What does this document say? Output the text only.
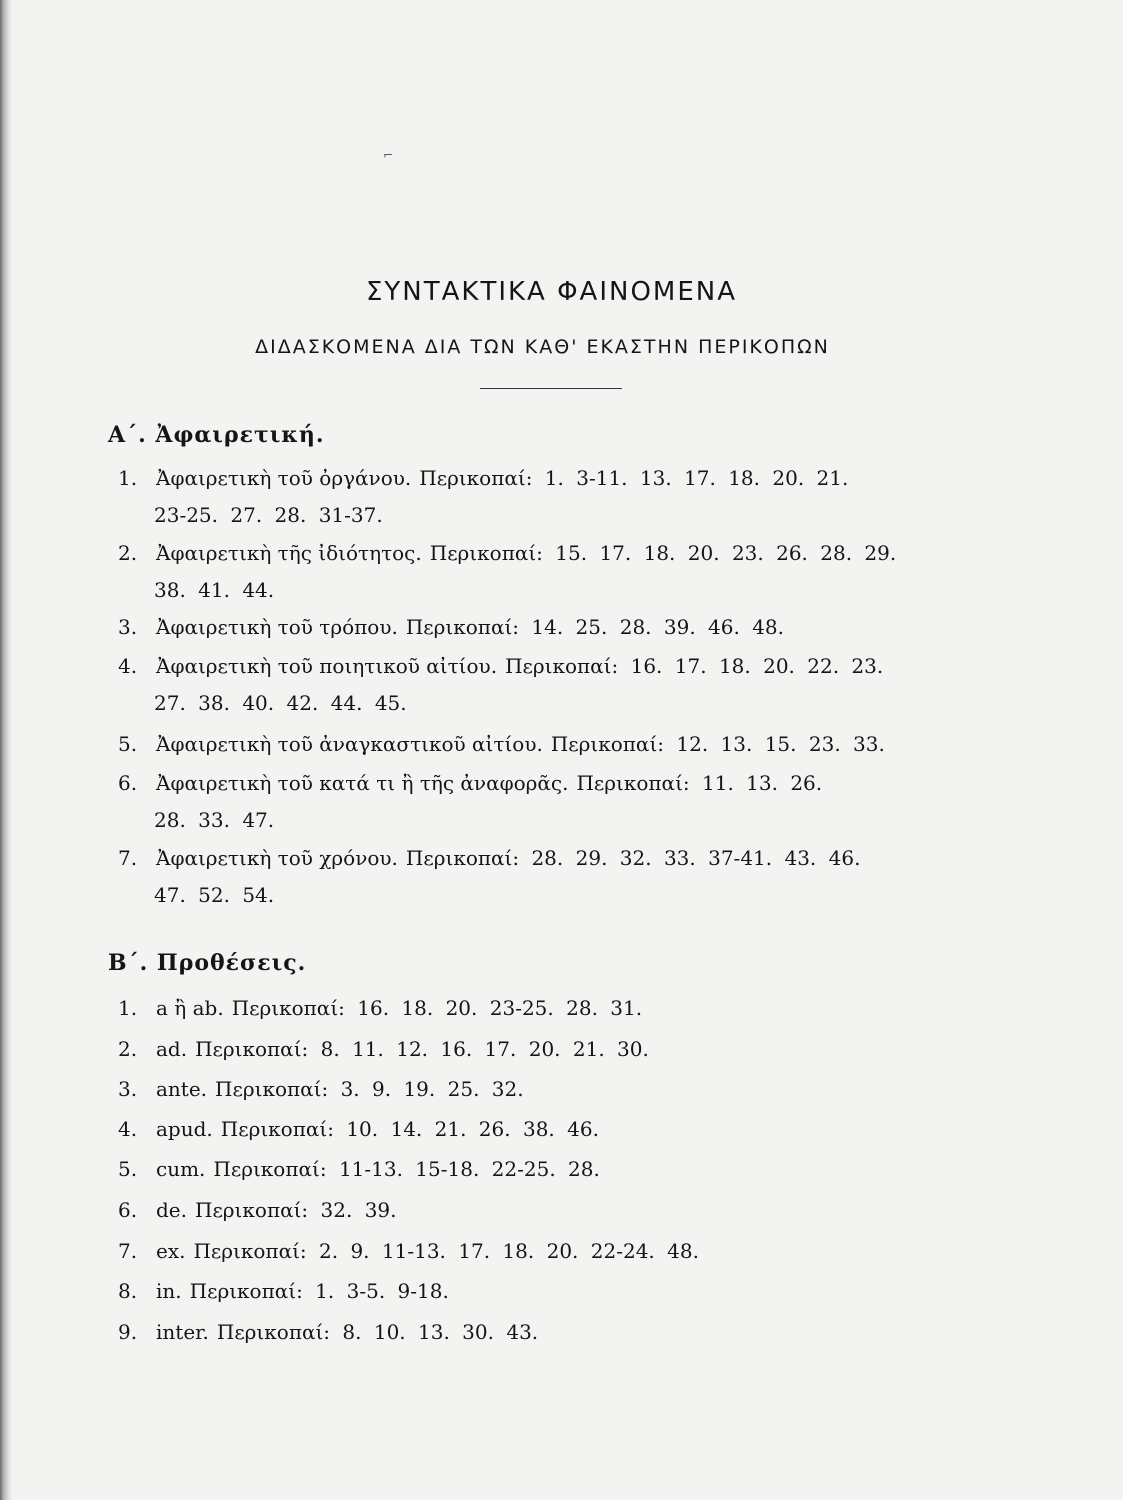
⌐
ΣΥΝΤΑΚΤΙΚΑ ΦΑΙΝΟΜΕΝΑ
ΔΙΔΑΣΚΟΜΕΝΑ ΔΙΑ ΤΩΝ ΚΑΘ' ΕΚΑΣΤΗΝ ΠΕΡΙΚΟΠΩΝ
Α΄. Ἀφαιρετική.
1. Ἀφαιρετικὴ τοῦ ὀργάνου. Περικοπαί: 1. 3-11. 13. 17. 18. 20. 21.
23-25. 27. 28. 31-37.
2. Ἀφαιρετικὴ τῆς ἰδιότητος. Περικοπαί: 15. 17. 18. 20. 23. 26. 28. 29.
38. 41. 44.
3. Ἀφαιρετικὴ τοῦ τρόπου. Περικοπαί: 14. 25. 28. 39. 46. 48.
4. Ἀφαιρετικὴ τοῦ ποιητικοῦ αἰτίου. Περικοπαί: 16. 17. 18. 20. 22. 23.
27. 38. 40. 42. 44. 45.
5. Ἀφαιρετικὴ τοῦ ἀναγκαστικοῦ αἰτίου. Περικοπαί: 12. 13. 15. 23. 33.
6. Ἀφαιρετικὴ τοῦ κατά τι ἢ τῆς ἀναφορᾶς. Περικοπαί: 11. 13. 26.
28. 33. 47.
7. Ἀφαιρετικὴ τοῦ χρόνου. Περικοπαί: 28. 29. 32. 33. 37-41. 43. 46.
47. 52. 54.
Β΄. Προθέσεις.
1. a ἢ ab. Περικοπαί: 16. 18. 20. 23-25. 28. 31.
2. ad. Περικοπαί: 8. 11. 12. 16. 17. 20. 21. 30.
3. ante. Περικοπαί: 3. 9. 19. 25. 32.
4. apud. Περικοπαί: 10. 14. 21. 26. 38. 46.
5. cum. Περικοπαί: 11-13. 15-18. 22-25. 28.
6. de. Περικοπαί: 32. 39.
7. ex. Περικοπαί: 2. 9. 11-13. 17. 18. 20. 22-24. 48.
8. in. Περικοπαί: 1. 3-5. 9-18.
9. inter. Περικοπαί: 8. 10. 13. 30. 43.
